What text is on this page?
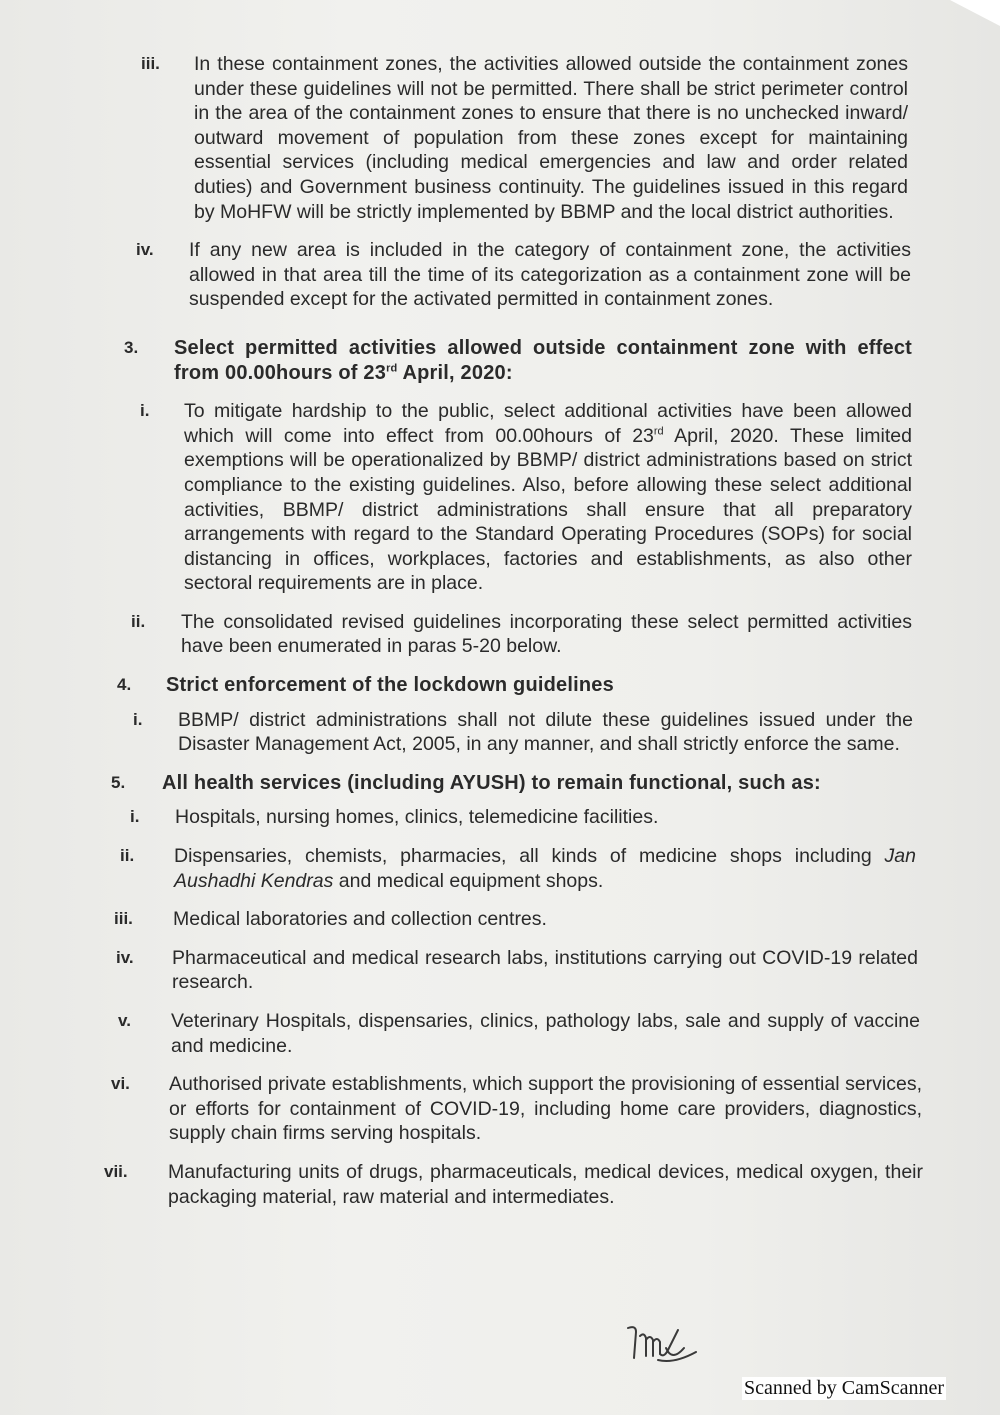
iii. In these containment zones, the activities allowed outside the containment zones under these guidelines will not be permitted. There shall be strict perimeter control in the area of the containment zones to ensure that there is no unchecked inward/ outward movement of population from these zones except for maintaining essential services (including medical emergencies and law and order related duties) and Government business continuity. The guidelines issued in this regard by MoHFW will be strictly implemented by BBMP and the local district authorities.
iv. If any new area is included in the category of containment zone, the activities allowed in that area till the time of its categorization as a containment zone will be suspended except for the activated permitted in containment zones.
3. Select permitted activities allowed outside containment zone with effect from 00.00hours of 23rd April, 2020:
i. To mitigate hardship to the public, select additional activities have been allowed which will come into effect from 00.00hours of 23rd April, 2020. These limited exemptions will be operationalized by BBMP/ district administrations based on strict compliance to the existing guidelines. Also, before allowing these select additional activities, BBMP/ district administrations shall ensure that all preparatory arrangements with regard to the Standard Operating Procedures (SOPs) for social distancing in offices, workplaces, factories and establishments, as also other sectoral requirements are in place.
ii. The consolidated revised guidelines incorporating these select permitted activities have been enumerated in paras 5-20 below.
4. Strict enforcement of the lockdown guidelines
i. BBMP/ district administrations shall not dilute these guidelines issued under the Disaster Management Act, 2005, in any manner, and shall strictly enforce the same.
5. All health services (including AYUSH) to remain functional, such as:
i. Hospitals, nursing homes, clinics, telemedicine facilities.
ii. Dispensaries, chemists, pharmacies, all kinds of medicine shops including Jan Aushadhi Kendras and medical equipment shops.
iii. Medical laboratories and collection centres.
iv. Pharmaceutical and medical research labs, institutions carrying out COVID-19 related research.
v. Veterinary Hospitals, dispensaries, clinics, pathology labs, sale and supply of vaccine and medicine.
vi. Authorised private establishments, which support the provisioning of essential services, or efforts for containment of COVID-19, including home care providers, diagnostics, supply chain firms serving hospitals.
vii. Manufacturing units of drugs, pharmaceuticals, medical devices, medical oxygen, their packaging material, raw material and intermediates.
Scanned by CamScanner
